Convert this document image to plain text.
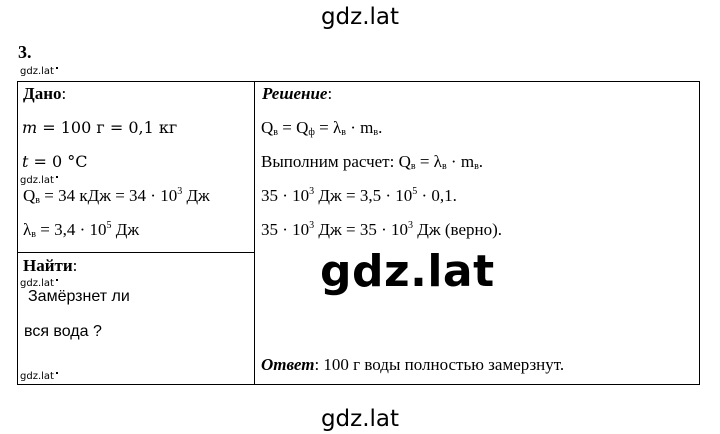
gdz.lat
3.
gdz.lat
Дано:
m = 100 г = 0,1 кг
t = 0 °C
gdz.lat
$Q_в = 34$ кДж = $34 \cdot 10^3$ Дж
$\lambda_в = 3,4 \cdot 10^5$ Дж
Найти:
gdz.lat
Замёрзнет ли
вся вода ?
gdz.lat
Решение:
$Q_в = Q_ф = \lambda_в \cdot m_в$.
Выполним расчет: $Q_в = \lambda_в \cdot m_в$.
$35 \cdot 10^3$ Дж = $3,5 \cdot 10^5 \cdot 0,1$.
$35 \cdot 10^3$ Дж = $35 \cdot 10^3$ Дж (верно).
gdz.lat
Ответ: 100 г воды полностью замерзнут.
gdz.lat
